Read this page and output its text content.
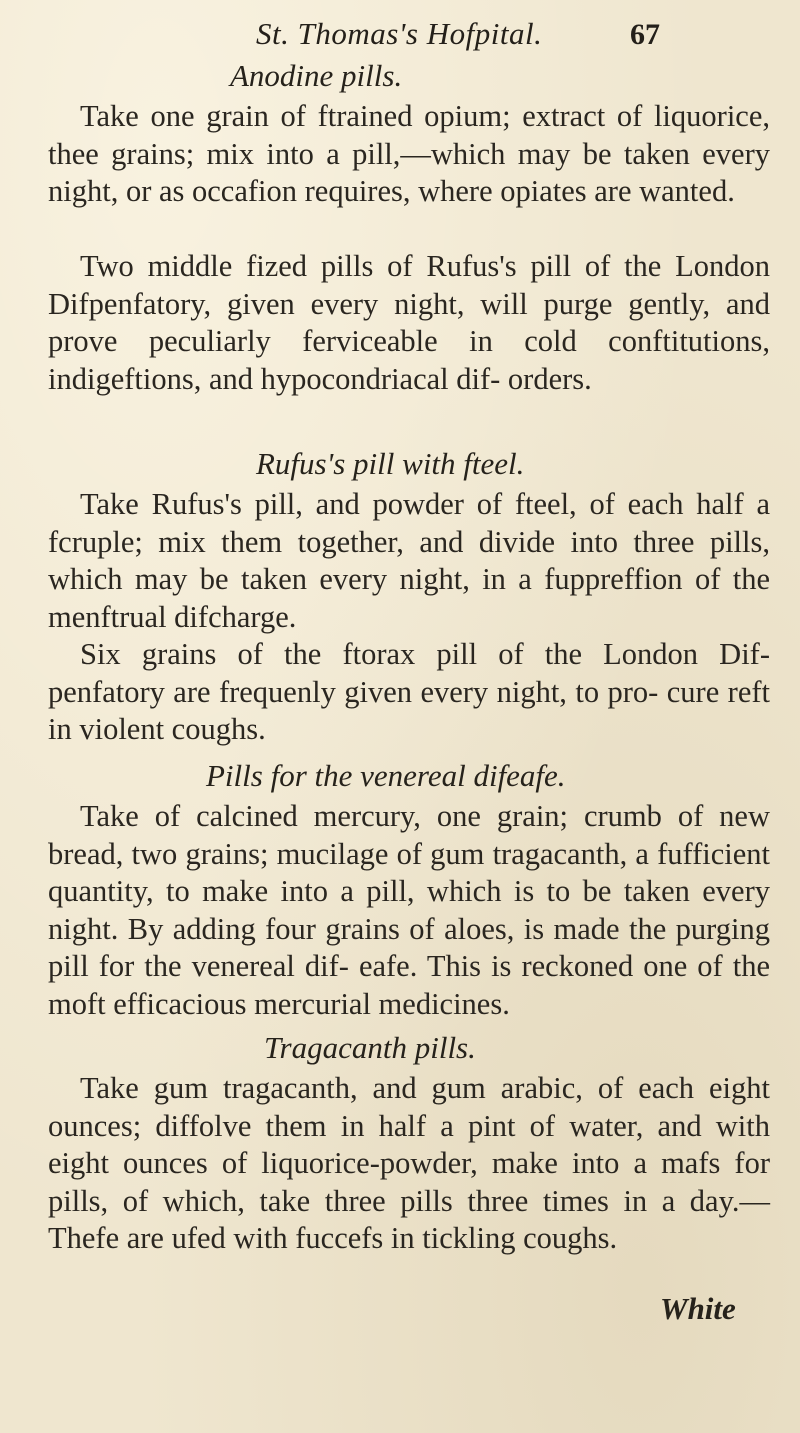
St. Thomas's Hofpital.	67
Anodine pills.
Take one grain of ftrained opium; extract of liquorice, thee grains; mix into a pill,—which may be taken every night, or as occafion requires, where opiates are wanted.
Two middle fized pills of Rufus's pill of the London Difpenfatory, given every night, will purge gently, and prove peculiarly ferviceable in cold conftitutions, indigeftions, and hypocondriacal dif- orders.
Rufus's pill with fteel.
Take Rufus's pill, and powder of fteel, of each half a fcruple; mix them together, and divide into three pills, which may be taken every night, in a fuppreffion of the menftrual difcharge.
Six grains of the ftorax pill of the London Dif- penfatory are frequenly given every night, to pro- cure reft in violent coughs.
Pills for the venereal difeafe.
Take of calcined mercury, one grain; crumb of new bread, two grains; mucilage of gum tragacanth, a fufficient quantity, to make into a pill, which is to be taken every night. By adding four grains of aloes, is made the purging pill for the venereal dif- eafe. This is reckoned one of the moft efficacious mercurial medicines.
Tragacanth pills.
Take gum tragacanth, and gum arabic, of each eight ounces; diffolve them in half a pint of water, and with eight ounces of liquorice-powder, make into a mafs for pills, of which, take three pills three times in a day.—Thefe are ufed with fuccefs in tickling coughs.
White
